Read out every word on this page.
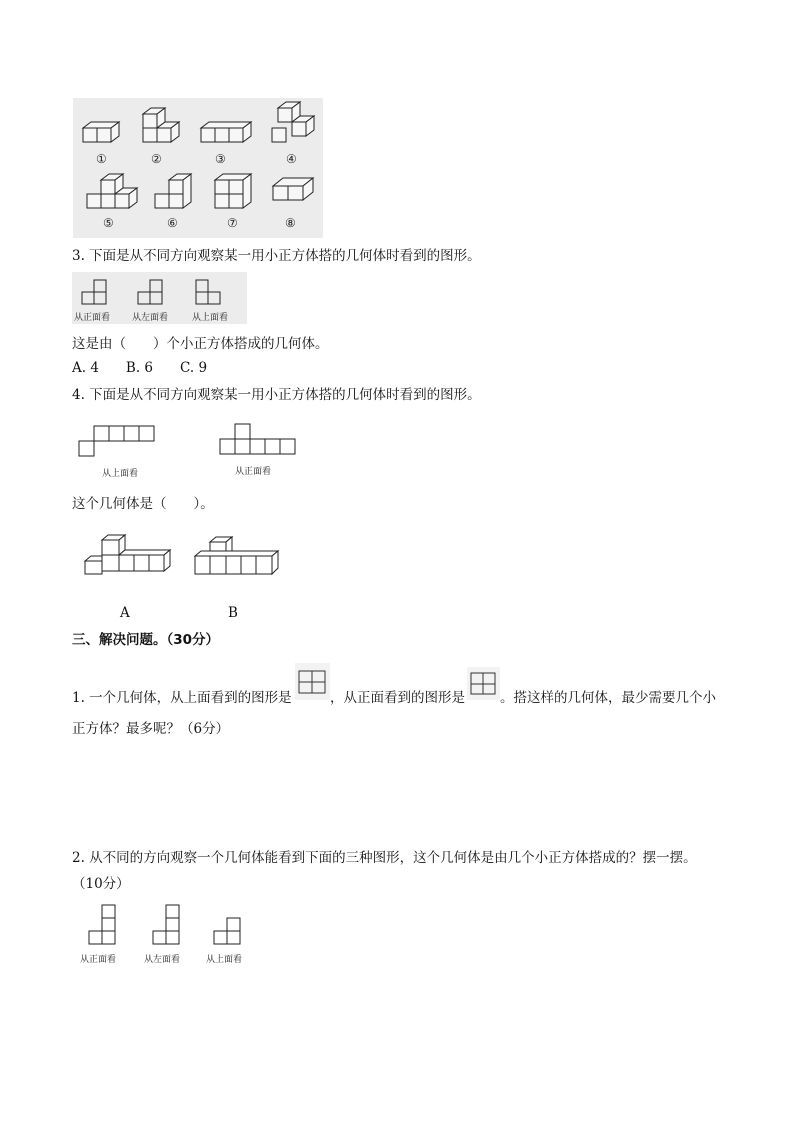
①	②	③	④
⑤	⑥	⑦	⑧
3. 下面是从不同方向观察某一用小正方体搭的几何体时看到的图形。
从正面看 从左面看	从上面看
这是由（　　）个小正方体搭成的几何体。
A. 4　　B. 6　　C. 9
4. 下面是从不同方向观察某一用小正方体搭的几何体时看到的图形。
从上面看	从正面看
这个几何体是（　　）。
A	B
三、解决问题。（30分）
1. 一个几何体，从上面看到的图形是	，从正面看到的图形是	。搭这样的几何体，最少需要几个小
正方体？最多呢？（6分）
2. 从不同的方向观察一个几何体能看到下面的三种图形，这个几何体是由几个小正方体搭成的？摆一摆。
（10分）
从正面看	从左面看	从上面看
